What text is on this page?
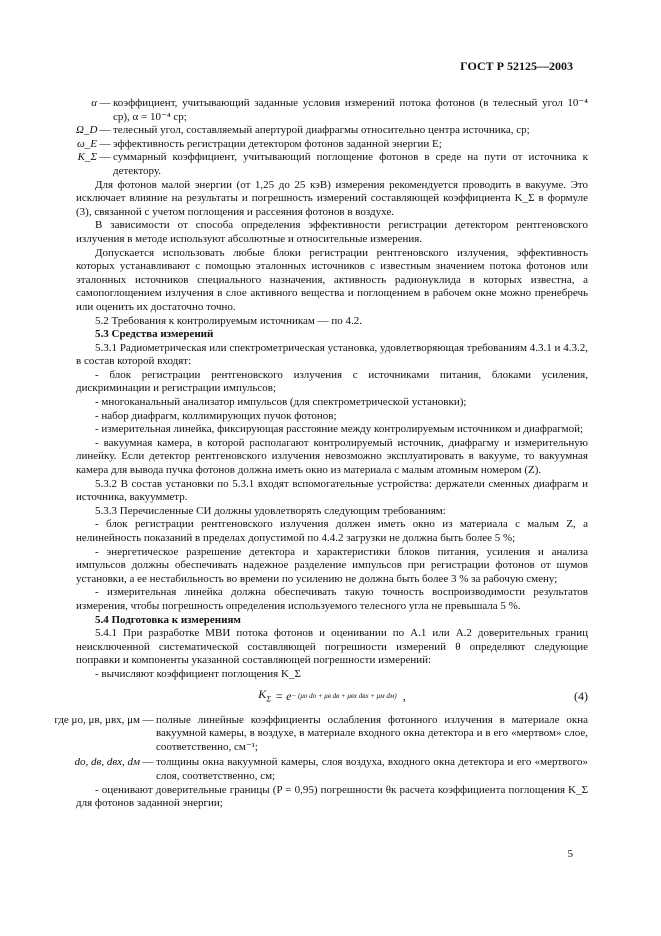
ГОСТ Р 52125—2003
α — коэффициент, учитывающий заданные условия измерений потока фотонов (в телесный угол 10⁻⁴ ср), α = 10⁻⁴ ср;
Ω_D — телесный угол, составляемый апертурой диафрагмы относительно центра источника, ср;
ω_E — эффективность регистрации детектором фотонов заданной энергии E;
K_Σ — суммарный коэффициент, учитывающий поглощение фотонов в среде на пути от источника к детектору.

Для фотонов малой энергии (от 1,25 до 25 кэВ) измерения рекомендуется проводить в вакууме. Это исключает влияние на результаты и погрешность измерений составляющей коэффициента K_Σ в формуле (3), связанной с учетом поглощения и рассеяния фотонов в воздухе.

В зависимости от способа определения эффективности регистрации детектором рентгеновского излучения в методе используют абсолютные и относительные измерения.

Допускается использовать любые блоки регистрации рентгеновского излучения, эффективность которых устанавливают с помощью эталонных источников с известным значением потока фотонов или эталонных источников специального назначения, активность радионуклида в которых известна, а самопоглощением излучения в слое активного вещества и поглощением в рабочем окне можно пренебречь или оценить их достаточно точно.

5.2 Требования к контролируемым источникам — по 4.2.

5.3 Средства измерений

5.3.1 Радиометрическая или спектрометрическая установка, удовлетворяющая требованиям 4.3.1 и 4.3.2, в состав которой входят:

- блок регистрации рентгеновского излучения с источниками питания, блоками усиления, дискриминации и регистрации импульсов;

- многоканальный анализатор импульсов (для спектрометрической установки);

- набор диафрагм, коллимирующих пучок фотонов;

- измерительная линейка, фиксирующая расстояние между контролируемым источником и диафрагмой;

- вакуумная камера, в которой располагают контролируемый источник, диафрагму и измерительную линейку. Если детектор рентгеновского излучения невозможно эксплуатировать в вакууме, то вакуумная камера для вывода пучка фотонов должна иметь окно из материала с малым атомным номером (Z).

5.3.2 В состав установки по 5.3.1 входят вспомогательные устройства: держатели сменных диафрагм и источника, вакуумметр.

5.3.3 Перечисленные СИ должны удовлетворять следующим требованиям:

- блок регистрации рентгеновского излучения должен иметь окно из материала с малым Z, а нелинейность показаний в пределах допустимой по 4.4.2 загрузки не должна быть более 5 %;

- энергетическое разрешение детектора и характеристики блоков питания, усиления и анализа импульсов должны обеспечивать надежное разделение импульсов при регистрации фотонов от шумов установки, а ее нестабильность во времени по усилению не должна быть более 3 % за рабочую смену;

- измерительная линейка должна обеспечивать такую точность воспроизводимости результатов измерения, чтобы погрешность определения используемого телесного угла не превышала 5 %.

5.4 Подготовка к измерениям

5.4.1 При разработке МВИ потока фотонов и оценивании по А.1 или А.2 доверительных границ неисключенной систематической составляющей погрешности измерений θ определяют следующие поправки и компоненты указанной составляющей погрешности измерений:

- вычисляют коэффициент поглощения K_Σ

$K_\Sigma = e - (\mu о$ dо + μв dв + μвх dвх + μм dм) ,	(4)
где μо, μв, μвх, μм — полные линейные коэффициенты ослабления фотонного излучения в материале окна вакуумной камеры, в воздухе, в материале входного окна детектора и в его «мертвом» слое, соответственно, см⁻¹;
dо, dв, dвх, dм — толщины окна вакуумной камеры, слоя воздуха, входного окна детектора и его «мертвого» слоя, соответственно, см;

- оценивают доверительные границы (P = 0,95) погрешности θк расчета коэффициента поглощения K_Σ для фотонов заданной энергии;

5
